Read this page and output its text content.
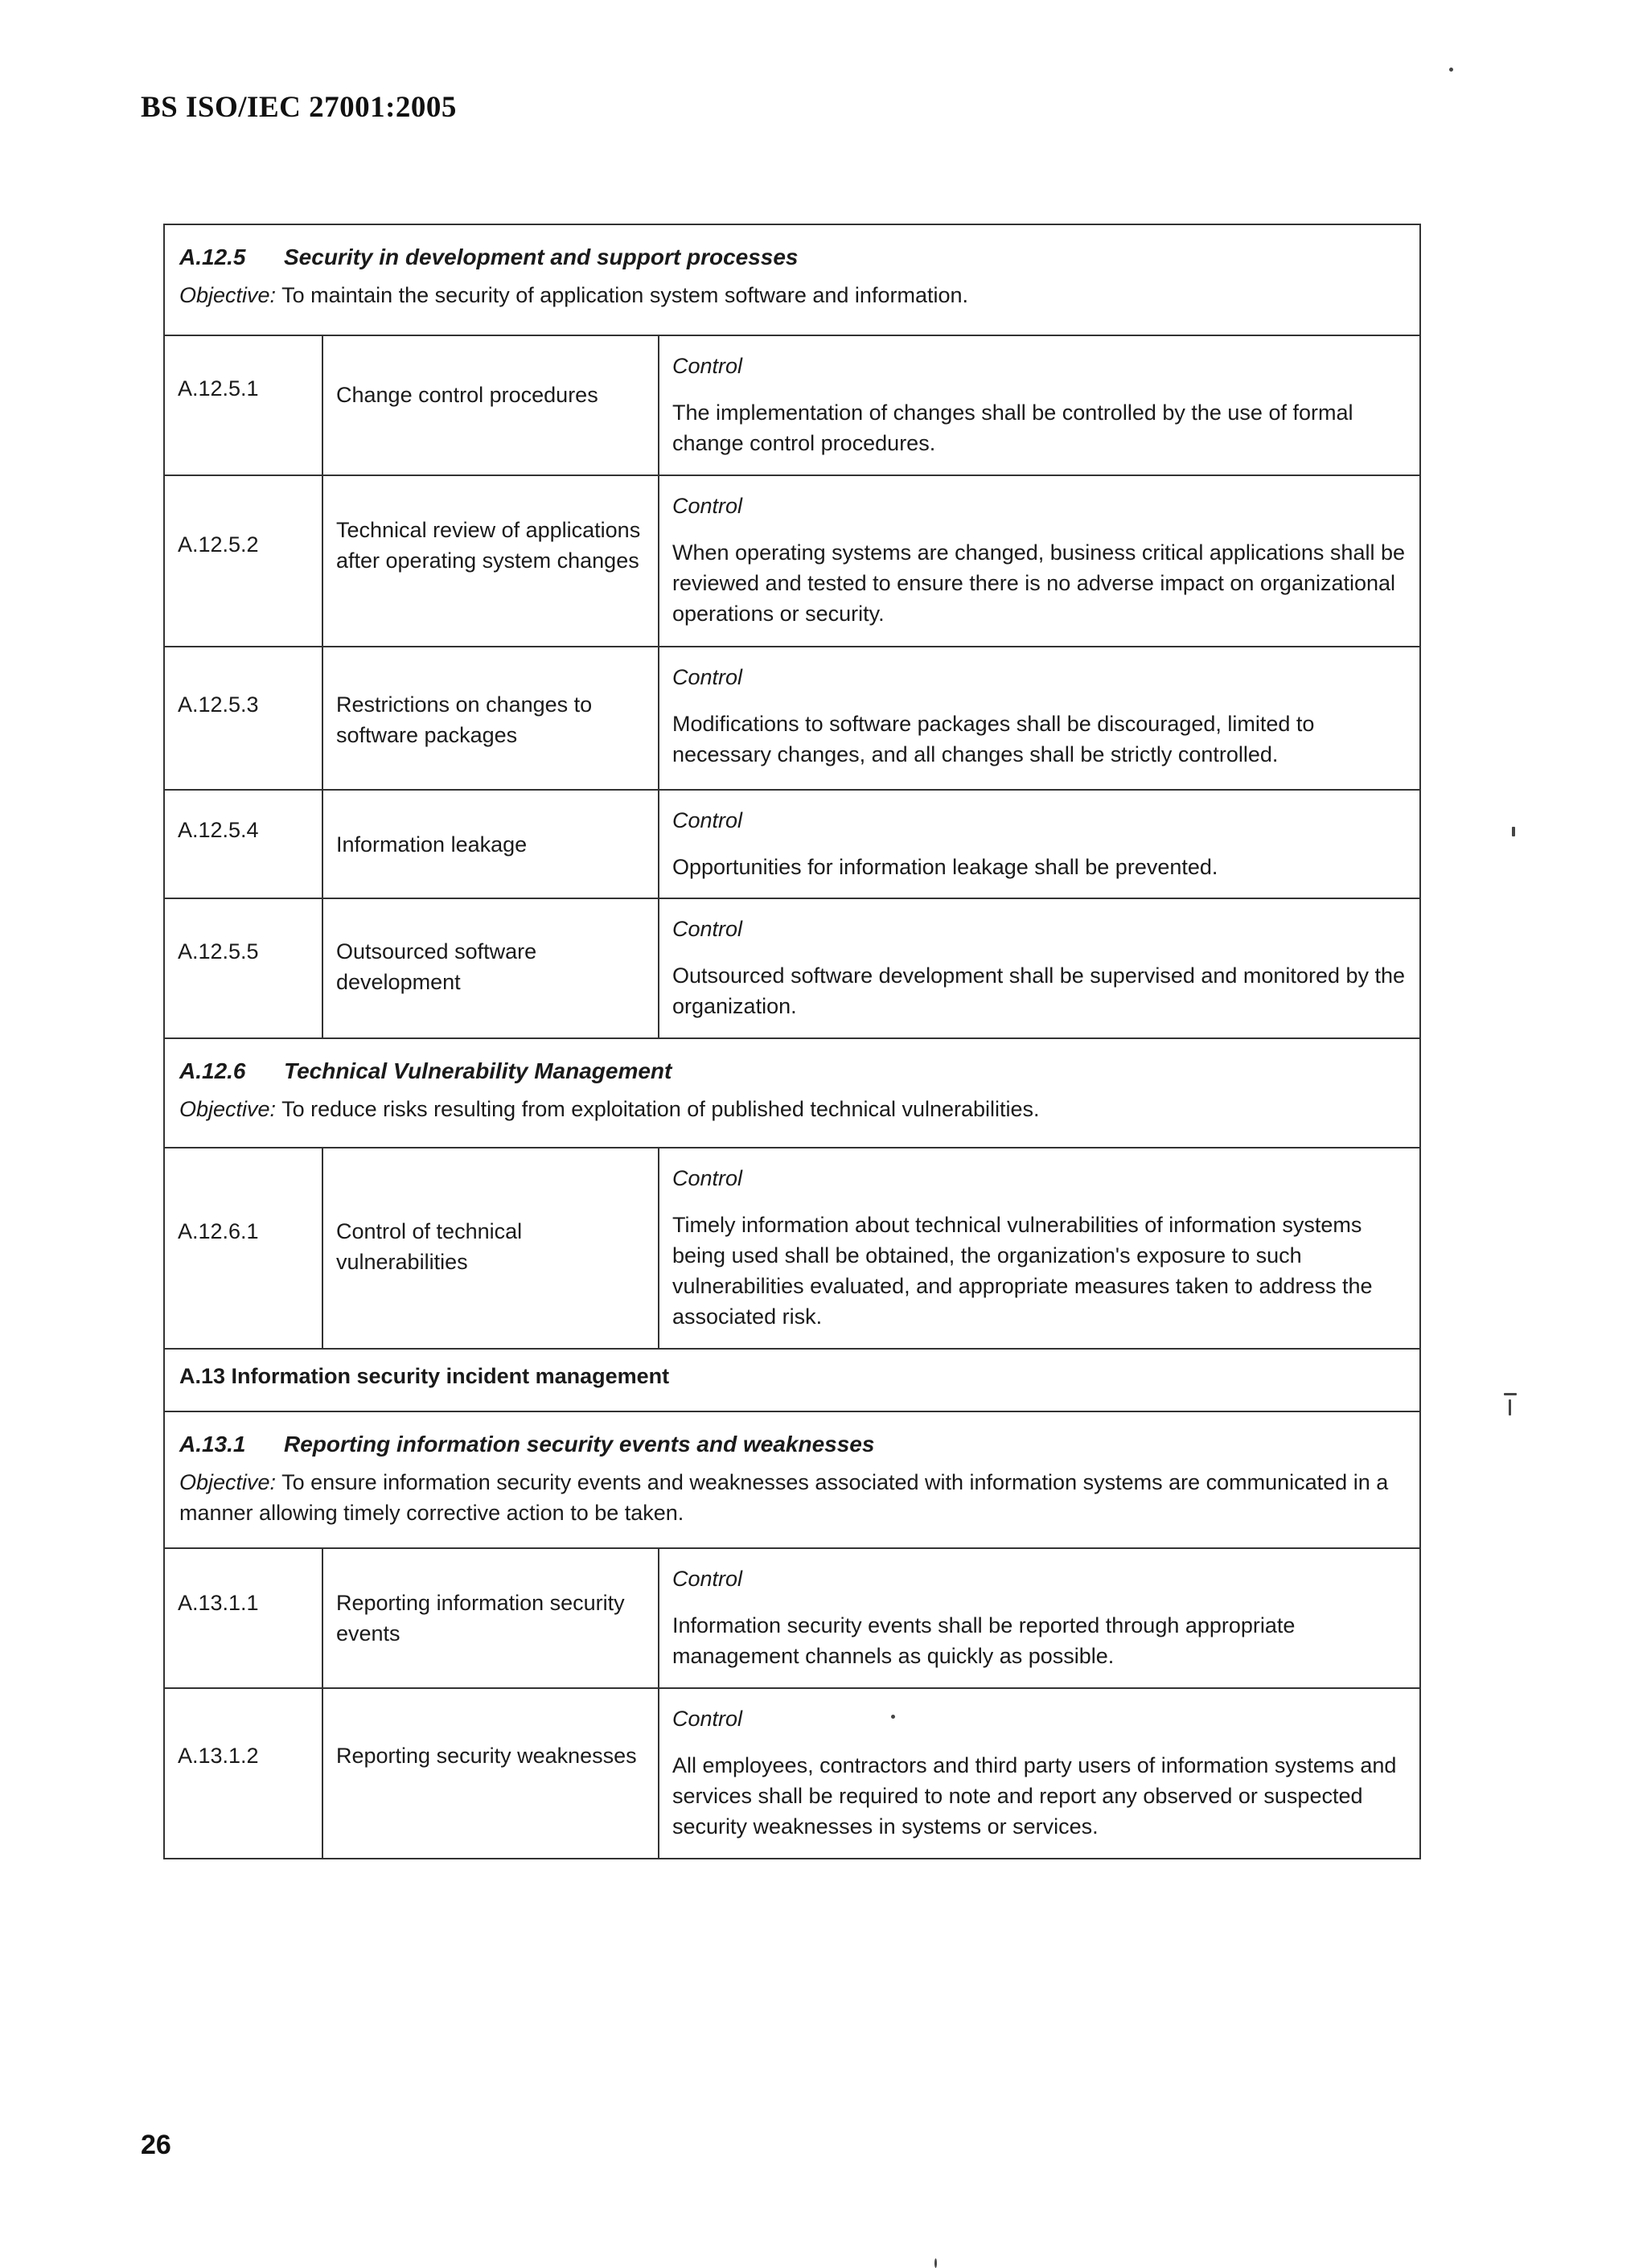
BS ISO/IEC 27001:2005
A.12.5 Security in development and support processes
Objective: To maintain the security of application system software and information.		

A.12.5.1	Change control procedures	Control
The implementation of changes shall be controlled by the use of formal change control procedures.
A.12.5.2	Technical review of applications after operating system changes	Control
When operating systems are changed, business critical applications shall be reviewed and tested to ensure there is no adverse impact on organizational operations or security.
A.12.5.3	Restrictions on changes to software packages	Control
Modifications to software packages shall be discouraged, limited to necessary changes, and all changes shall be strictly controlled.
A.12.5.4	Information leakage	Control
Opportunities for information leakage shall be prevented.
A.12.5.5	Outsourced software development	Control
Outsourced software development shall be supervised and monitored by the organization.

A.12.6 Technical Vulnerability Management
Objective: To reduce risks resulting from exploitation of published technical vulnerabilities.		

A.12.6.1	Control of technical vulnerabilities	Control
Timely information about technical vulnerabilities of information systems being used shall be obtained, the organization's exposure to such vulnerabilities evaluated, and appropriate measures taken to address the associated risk.
A.13 Information security incident management		

A.13.1 Reporting information security events and weaknesses
Objective: To ensure information security events and weaknesses associated with information systems are communicated in a manner allowing timely corrective action to be taken.		

A.13.1.1	Reporting information security events	Control
Information security events shall be reported through appropriate management channels as quickly as possible.
A.13.1.2	Reporting security weaknesses	Control
All employees, contractors and third party users of information systems and services shall be required to note and report any observed or suspected security weaknesses in systems or services.
26
